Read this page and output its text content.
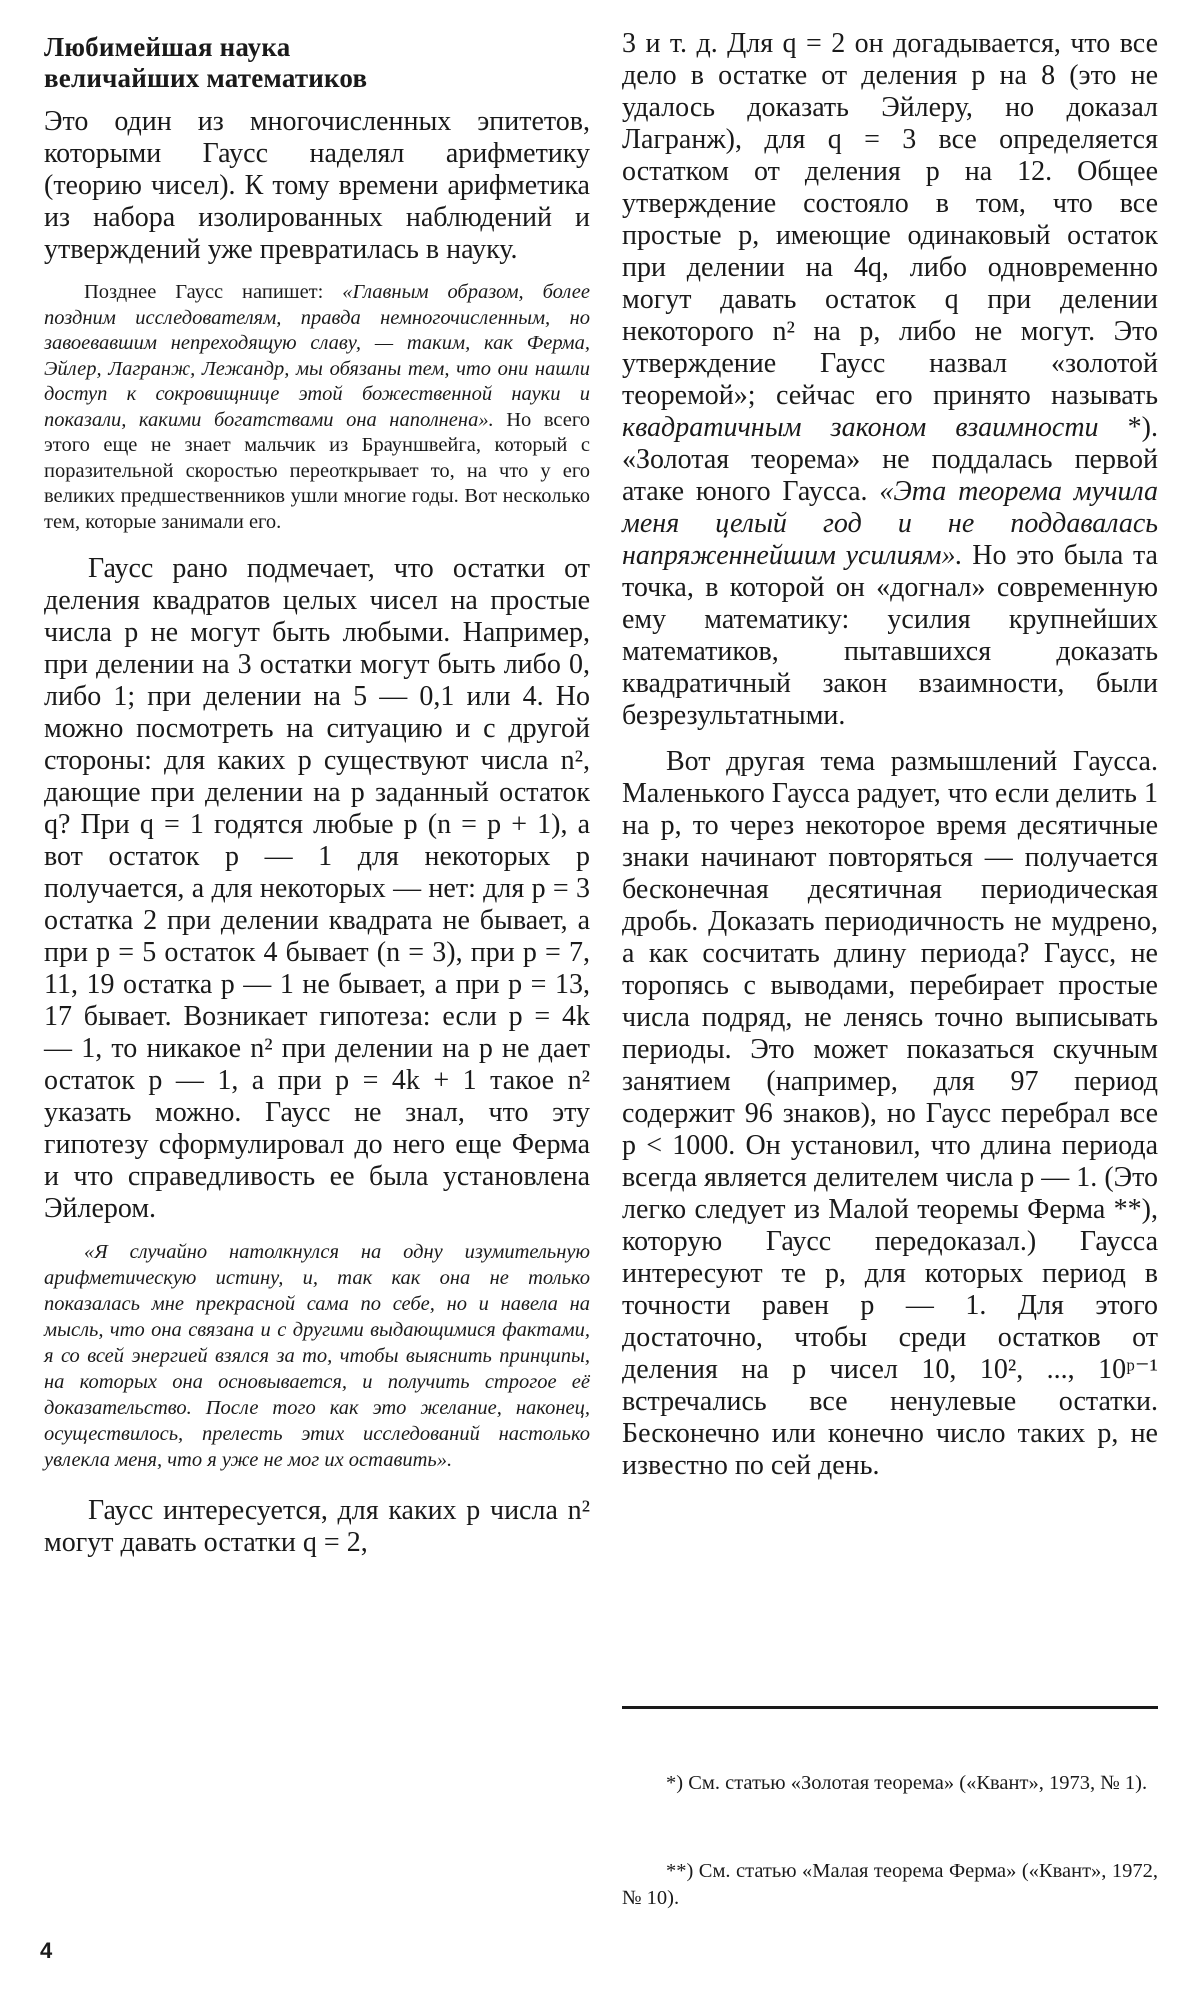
Любимейшая наука
величайших математиков

Это один из многочисленных эпитетов, которыми Гаусс наделял арифметику (теорию чисел). К тому времени арифметика из набора изолированных наблюдений и утверждений уже превратилась в науку.

Позднее Гаусс напишет: «Главным образом, более поздним исследователям, правда немногочисленным, но завоевавшим непреходящую славу, — таким, как Ферма, Эйлер, Лагранж, Лежандр, мы обязаны тем, что они нашли доступ к сокровищнице этой божественной науки и показали, какими богатствами она наполнена». Но всего этого еще не знает мальчик из Брауншвейга, который с поразительной скоростью переоткрывает то, на что у его великих предшественников ушли многие годы. Вот несколько тем, которые занимали его.

Гаусс рано подмечает, что остатки от деления квадратов целых чисел на простые числа p не могут быть любыми. Например, при делении на 3 остатки могут быть либо 0, либо 1; при делении на 5 — 0,1 или 4. Но можно посмотреть на ситуацию и с другой стороны: для каких p существуют числа n², дающие при делении на p заданный остаток q? При q = 1 годятся любые p (n = p + 1), а вот остаток p — 1 для некоторых p получается, а для некоторых — нет: для p = 3 остатка 2 при делении квадрата не бывает, а при p = 5 остаток 4 бывает (n = 3), при p = 7, 11, 19 остатка p — 1 не бывает, а при p = 13, 17 бывает. Возникает гипотеза: если p = 4k — 1, то никакое n² при делении на p не дает остаток p — 1, а при p = 4k + 1 такое n² указать можно. Гаусс не знал, что эту гипотезу сформулировал до него еще Ферма и что справедливость ее была установлена Эйлером.

«Я случайно натолкнулся на одну изумительную арифметическую истину, и, так как она не только показалась мне прекрасной сама по себе, но и навела на мысль, что она связана и с другими выдающимися фактами, я со всей энергией взялся за то, чтобы выяснить принципы, на которых она основывается, и получить строгое её доказательство. После того как это желание, наконец, осуществилось, прелесть этих исследований настолько увлекла меня, что я уже не мог их оставить».

Гаусс интересуется, для каких p числа n² могут давать остатки q = 2,

3 и т. д. Для q = 2 он догадывается, что все дело в остатке от деления p на 8 (это не удалось доказать Эйлеру, но доказал Лагранж), для q = 3 все определяется остатком от деления p на 12. Общее утверждение состояло в том, что все простые p, имеющие одинаковый остаток при делении на 4q, либо одновременно могут давать остаток q при делении некоторого n² на p, либо не могут. Это утверждение Гаусс назвал «золотой теоремой»; сейчас его принято называть квадратичным законом взаимности *). «Золотая теорема» не поддалась первой атаке юного Гаусса. «Эта теорема мучила меня целый год и не поддавалась напряженнейшим усилиям». Но это была та точка, в которой он «догнал» современную ему математику: усилия крупнейших математиков, пытавшихся доказать квадратичный закон взаимности, были безрезультатными.

Вот другая тема размышлений Гаусса. Маленького Гаусса радует, что если делить 1 на p, то через некоторое время десятичные знаки начинают повторяться — получается бесконечная десятичная периодическая дробь. Доказать периодичность не мудрено, а как сосчитать длину периода? Гаусс, не торопясь с выводами, перебирает простые числа подряд, не ленясь точно выписывать периоды. Это может показаться скучным занятием (например, для 97 период содержит 96 знаков), но Гаусс перебрал все p < 1000. Он установил, что длина периода всегда является делителем числа p — 1. (Это легко следует из Малой теоремы Ферма **), которую Гаусс передоказал.) Гаусса интересуют те p, для которых период в точности равен p — 1. Для этого достаточно, чтобы среди остатков от деления на p чисел 10, 10², ..., 10ᵖ⁻¹ встречались все ненулевые остатки. Бесконечно или конечно число таких p, не известно по сей день.

*) См. статью «Золотая теорема» («Квант», 1973, № 1).
**) См. статью «Малая теорема Ферма» («Квант», 1972, № 10).
4
